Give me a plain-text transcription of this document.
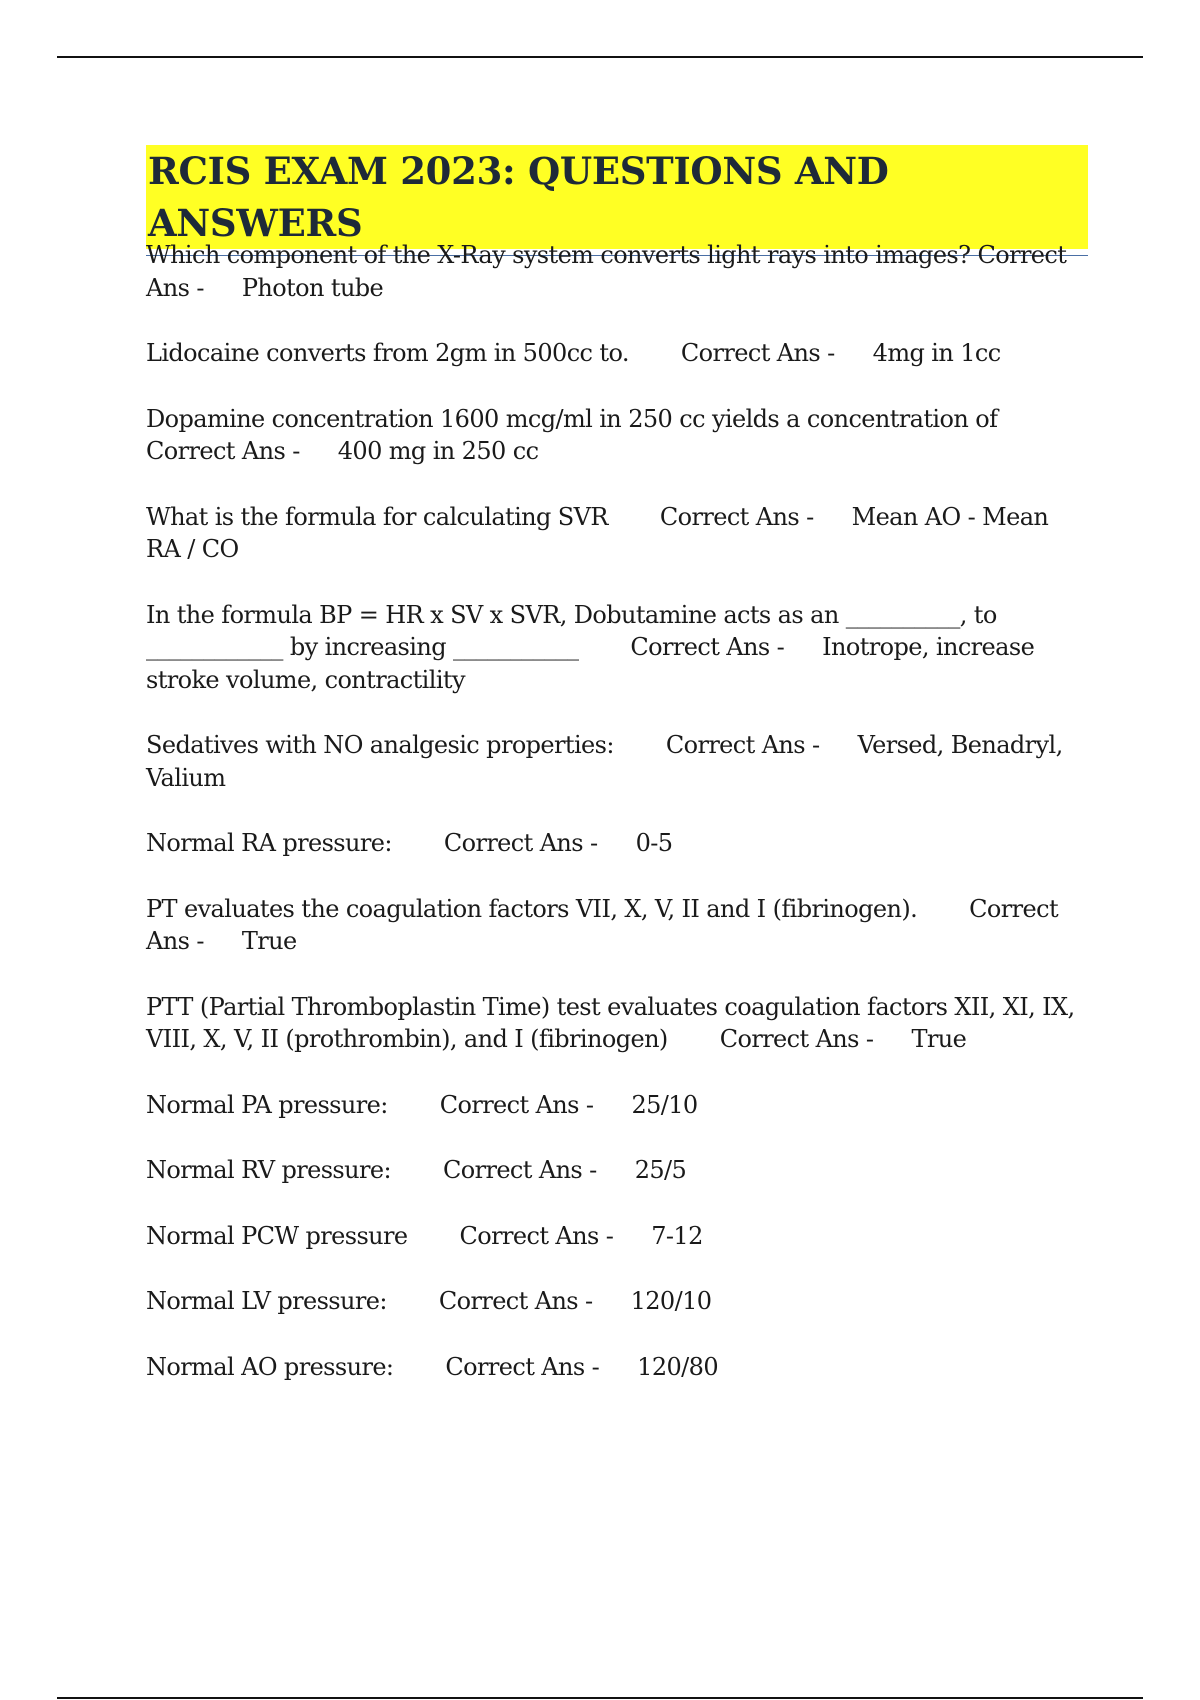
RCIS EXAM 2023: QUESTIONS AND ANSWERS

Which component of the X-Ray system converts light rays into images? Correct Ans - Photon tube

Lidocaine converts from 2gm in 500cc to. Correct Ans - 4mg in 1cc

Dopamine concentration 1600 mcg/ml in 250 cc yields a concentration of Correct Ans - 400 mg in 250 cc

What is the formula for calculating SVR Correct Ans - Mean AO - Mean RA / CO

In the formula BP = HR x SV x SVR, Dobutamine acts as an __________, to ____________ by increasing ___________ Correct Ans - Inotrope, increase stroke volume, contractility

Sedatives with NO analgesic properties: Correct Ans - Versed, Benadryl, Valium

Normal RA pressure: Correct Ans - 0-5

PT evaluates the coagulation factors VII, X, V, II and I (fibrinogen). Correct Ans - True

PTT (Partial Thromboplastin Time) test evaluates coagulation factors XII, XI, IX, VIII, X, V, II (prothrombin), and I (fibrinogen) Correct Ans - True

Normal PA pressure: Correct Ans - 25/10

Normal RV pressure: Correct Ans - 25/5

Normal PCW pressure Correct Ans - 7-12

Normal LV pressure: Correct Ans - 120/10

Normal AO pressure: Correct Ans - 120/80
